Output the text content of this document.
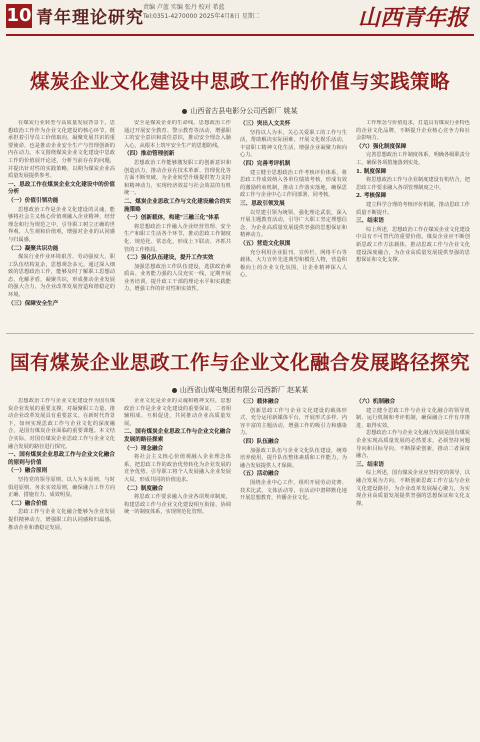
10 青年理论研究
责编 卢蓝 实编 张丹 校对 希蓝
Tel:0351-4270000 2025年4月8日 星期二	山西青年报
煤炭企业文化建设中思政工作的价值与实践策略
山西省古县电影分公司西新厂 姚某
在煤炭行业转型与高质量发展背景下，思想政治工作作为企业文化建设的核心环节，既承担着引导员工价值取向、凝聚发展共识的重要使命，也是推动企业安全生产与管理创新的内在动力。本文围绕煤炭企业文化建设中思政工作的价值展开论述，分析当前存在的问题，并提出针对性的实践策略，以期为煤炭企业高质量发展提供参考。
一、思政工作在煤炭企业文化建设中的价值分析
（一）价值引领功能
思想政治工作是企业文化建设的灵魂，能够将社会主义核心价值观融入企业精神、经营理念和行为规范之中，引导职工树立正确的世界观、人生观和价值观，增强对企业的认同感与归属感。
（二）凝聚共识功能
煤炭行业作业环境艰苦、劳动强度大，职工队伍结构复杂，思想观念多元。通过深入细致的思想政治工作，能够及时了解职工思想动态，化解矛盾，凝聚共识，形成推动企业发展的强大合力，为企业改革发展营造和谐稳定的环境。
（三）保障安全生产
安全是煤炭企业的生命线。思想政治工作通过开展安全教育、警示教育等活动，增强职工的安全意识和责任意识，推动安全理念入脑入心，从根本上筑牢安全生产的思想防线。
（四）推动管理创新
思想政治工作能够激发职工的创新意识和创造活力，推动企业在技术革新、管理优化等方面不断突破，为企业转型升级提供智力支持和精神动力，实现经济效益与社会效益的有机统一。
二、煤炭企业思政工作与文化建设融合的实施策略
（一）创新载体，构建"三融三化"体系
将思想政治工作融入企业经营管理、安全生产和职工生活各个环节，推动思政工作制度化、规范化、常态化，形成上下联动、齐抓共管的工作格局。
（二）强化队伍建设，提升工作实效
加强思想政治工作队伍建设，选拔政治素质高、业务能力强的人员充实一线，定期开展业务培训，提升政工干部的理论水平和实践能力，增强工作的针对性和实效性。
（三）突出人文关怀
坚持以人为本，关心关爱职工的工作与生活，帮助解决实际困难，开展文化娱乐活动，丰富职工精神文化生活，增强企业凝聚力和向心力。
（四）完善考评机制
建立健全思想政治工作考核评价体系，将思政工作成效纳入各单位绩效考核，形成有效的激励约束机制，推动工作落实落地，确保思政工作与企业中心工作同部署、同考核。
三、思政引领发展
以党建引领为统领，强化理论武装，深入开展主题教育活动，引导广大职工坚定理想信念，为企业高质量发展提供坚强的思想保证和精神动力。
（五）营造文化氛围
充分利用企业报刊、宣传栏、网络平台等载体，大力宣传先进典型和模范人物，营造积极向上的企业文化氛围，让企业精神深入人心。
工作理念与价值追求，打造具有煤炭行业特色的企业文化品牌，不断提升企业核心竞争力和社会影响力。
（六）强化制度保障
完善思想政治工作制度体系，明确各级职责分工，确保各项措施落到实处。
1. 制度保障
将思想政治工作与企业制度建设有机结合，把思政工作要求融入各项管理制度之中。
2. 考核保障
建立科学合理的考核评价机制，推动思政工作质量不断提升。
三、结束语
综上所述，思想政治工作在煤炭企业文化建设中具有不可替代的重要价值。煤炭企业应不断创新思政工作方法载体，推动思政工作与企业文化建设深度融合，为企业高质量发展提供坚强的思想保证和文化支撑。
国有煤炭企业思政工作与企业文化融合发展路径探究
山西省山煤电集团有限公司西新厂 赵某某
思想政治工作与企业文化建设作为国有煤炭企业发展的重要支撑，对凝聚职工力量、推动企业改革发展具有重要意义。在新时代背景下，如何实现思政工作与企业文化的深度融合，是国有煤炭企业面临的重要课题。本文结合实际，对国有煤炭企业思政工作与企业文化融合发展的路径进行探究。
一、国有煤炭企业思政工作与企业文化融合的原则与价值
（一）融合原则
坚持党的领导原则、以人为本原则、与时俱进原则、务求实效原则，确保融合工作方向正确、措施有力、成效明显。
（二）融合价值
思政工作与企业文化融合能够为企业发展提供精神动力，增强职工的认同感和归属感，推动企业和谐稳定发展。
企业文化是企业的灵魂和精神支柱，思想政治工作是企业文化建设的重要保证，二者相辅相成、互相促进，共同推动企业高质量发展。
二、国有煤炭企业思政工作与企业文化融合发展的路径探索
（一）理念融合
将社会主义核心价值观融入企业理念体系，把思政工作的政治优势转化为企业发展的竞争优势，引导职工将个人发展融入企业发展大局，形成共同的价值追求。
（二）制度融合
将思政工作要求融入企业各项规章制度，构建思政工作与企业文化建设相互衔接、协调统一的制度体系，实现规范化管理。
（三）载体融合
创新思政工作与企业文化建设的载体形式，充分运用新媒体平台，开展形式多样、内容丰富的主题活动，增强工作的吸引力和感染力。
（四）队伍融合
加强政工队伍与企业文化队伍建设，统筹培养使用，提升队伍整体素质和工作能力，为融合发展提供人才保障。
（五）活动融合
围绕企业中心工作，组织开展劳动竞赛、技术比武、文体活动等，在活动中潜移默化地开展思想教育，传播企业文化。
（六）机制融合
建立健全思政工作与企业文化融合的领导机制、运行机制和考评机制，确保融合工作有序推进、取得实效。
思想政治工作与企业文化融合发展是国有煤炭企业实现高质量发展的必然要求，必须坚持问题导向和目标导向，不断探索创新，推动二者深度融合。
三、结束语
综上所述，国有煤炭企业应坚持党的领导，以融合发展为方向，不断创新思政工作方法与企业文化建设路径，为企业改革发展凝心聚力，为实现企业高质量发展提供坚强的思想保证和文化支撑。
